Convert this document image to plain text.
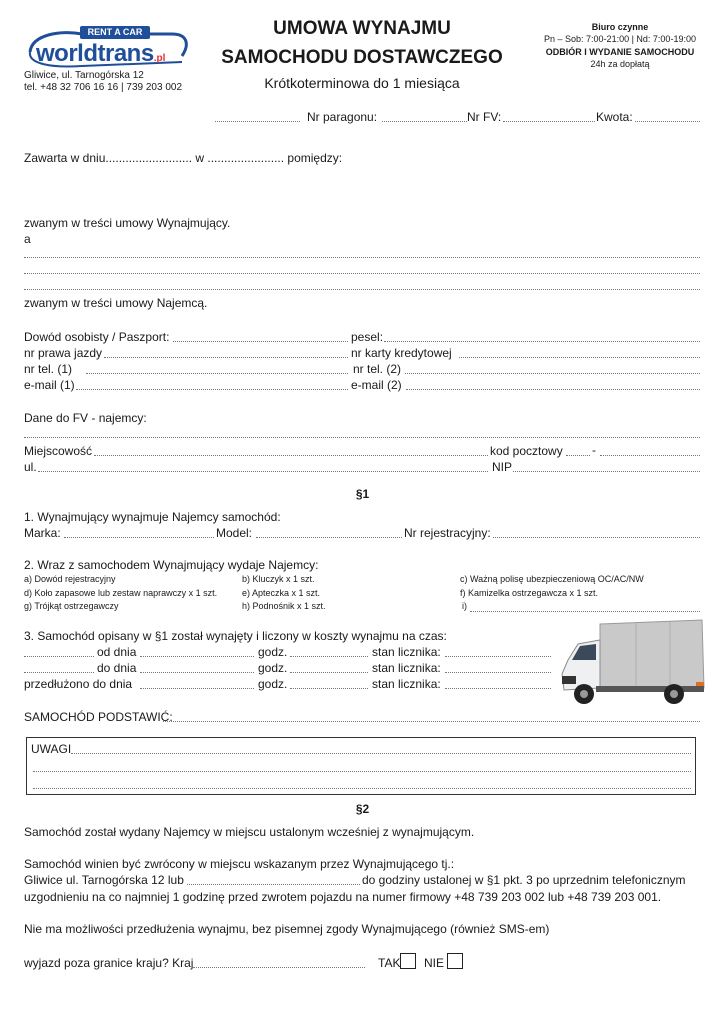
RENT A CAR
worldtrans.pl
Gliwice, ul. Tarnogórska 12
tel. +48 32 706 16 16 | 739 203 002
UMOWA WYNAJMU
SAMOCHODU DOSTAWCZEGO
Krótkoterminowa do 1 miesiąca
Biuro czynne
Pn – Sob: 7:00-21:00 | Nd: 7:00-19:00
ODBIÓR I WYDANIE SAMOCHODU
24h za dopłatą
Nr paragonu:	Nr FV:	Kwota:
Zawarta w dniu.......................... w ....................... pomiędzy:
zwanym w treści umowy Wynajmujący.
a
zwanym w treści umowy Najemcą.
Dowód osobisty / Paszport:	pesel:
nr prawa jazdy	nr karty kredytowej
nr tel. (1)	nr tel. (2)
e-mail (1)	e-mail (2)
Dane do FV - najemcy:
Miejscowość	kod pocztowy -
ul.	NIP
§1
1. Wynajmujący wynajmuje Najemcy samochód:
Marka:	Model:	Nr rejestracyjny:
2. Wraz z samochodem Wynajmujący wydaje Najemcy:
a) Dowód rejestracyjny	b) Kluczyk x 1 szt.	c) Ważną polisę ubezpieczeniową OC/AC/NW
d) Koło zapasowe lub zestaw naprawczy x 1 szt.	e) Apteczka x 1 szt.	f) Kamizelka ostrzegawcza x 1 szt.
g) Trójkąt ostrzegawczy	h) Podnośnik x 1 szt.	i)
3. Samochód opisany w §1 został wynajęty i liczony w koszty wynajmu na czas:
od dnia	godz.	stan licznika:
do dnia	godz.	stan licznika:
przedłużono do dnia	godz.	stan licznika:
SAMOCHÓD PODSTAWIĆ:
UWAGI
§2
Samochód został wydany Najemcy w miejscu ustalonym wcześniej z wynajmującym.
Samochód winien być zwrócony w miejscu wskazanym przez Wynajmującego tj.:
Gliwice ul. Tarnogórska 12 lub	do godziny ustalonej w §1 pkt. 3 po uprzednim telefonicznym
uzgodnieniu na co najmniej 1 godzinę przed zwrotem pojazdu na numer firmowy +48 739 203 002 lub +48 739 203 001.
Nie ma możliwości przedłużenia wynajmu, bez pisemnej zgody Wynajmującego (również SMS-em)
wyjazd poza granice kraju? Kraj	TAK NIE
